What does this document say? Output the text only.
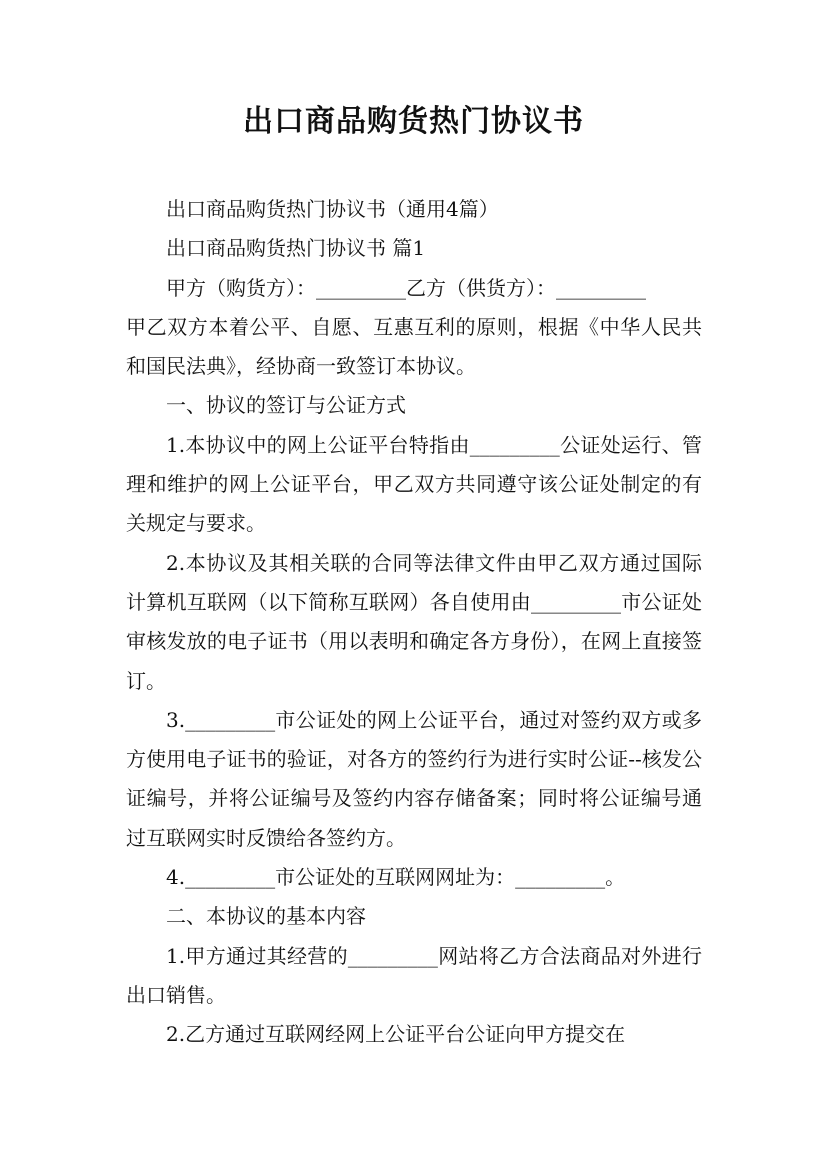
出口商品购货热门协议书

出口商品购货热门协议书（通用4篇）

出口商品购货热门协议书 篇1

甲方（购货方）：_________乙方（供货方）：_________

甲乙双方本着公平、自愿、互惠互利的原则，根据《中华人民共和国民法典》，经协商一致签订本协议。

一、协议的签订与公证方式

1.本协议中的网上公证平台特指由_________公证处运行、管理和维护的网上公证平台，甲乙双方共同遵守该公证处制定的有关规定与要求。

2.本协议及其相关联的合同等法律文件由甲乙双方通过国际计算机互联网（以下简称互联网）各自使用由_________市公证处审核发放的电子证书（用以表明和确定各方身份），在网上直接签订。

3._________市公证处的网上公证平台，通过对签约双方或多方使用电子证书的验证，对各方的签约行为进行实时公证--核发公证编号，并将公证编号及签约内容存储备案；同时将公证编号通过互联网实时反馈给各签约方。

4._________市公证处的互联网网址为：_________。

二、本协议的基本内容

1.甲方通过其经营的_________网站将乙方合法商品对外进行出口销售。

2.乙方通过互联网经网上公证平台公证向甲方提交在
